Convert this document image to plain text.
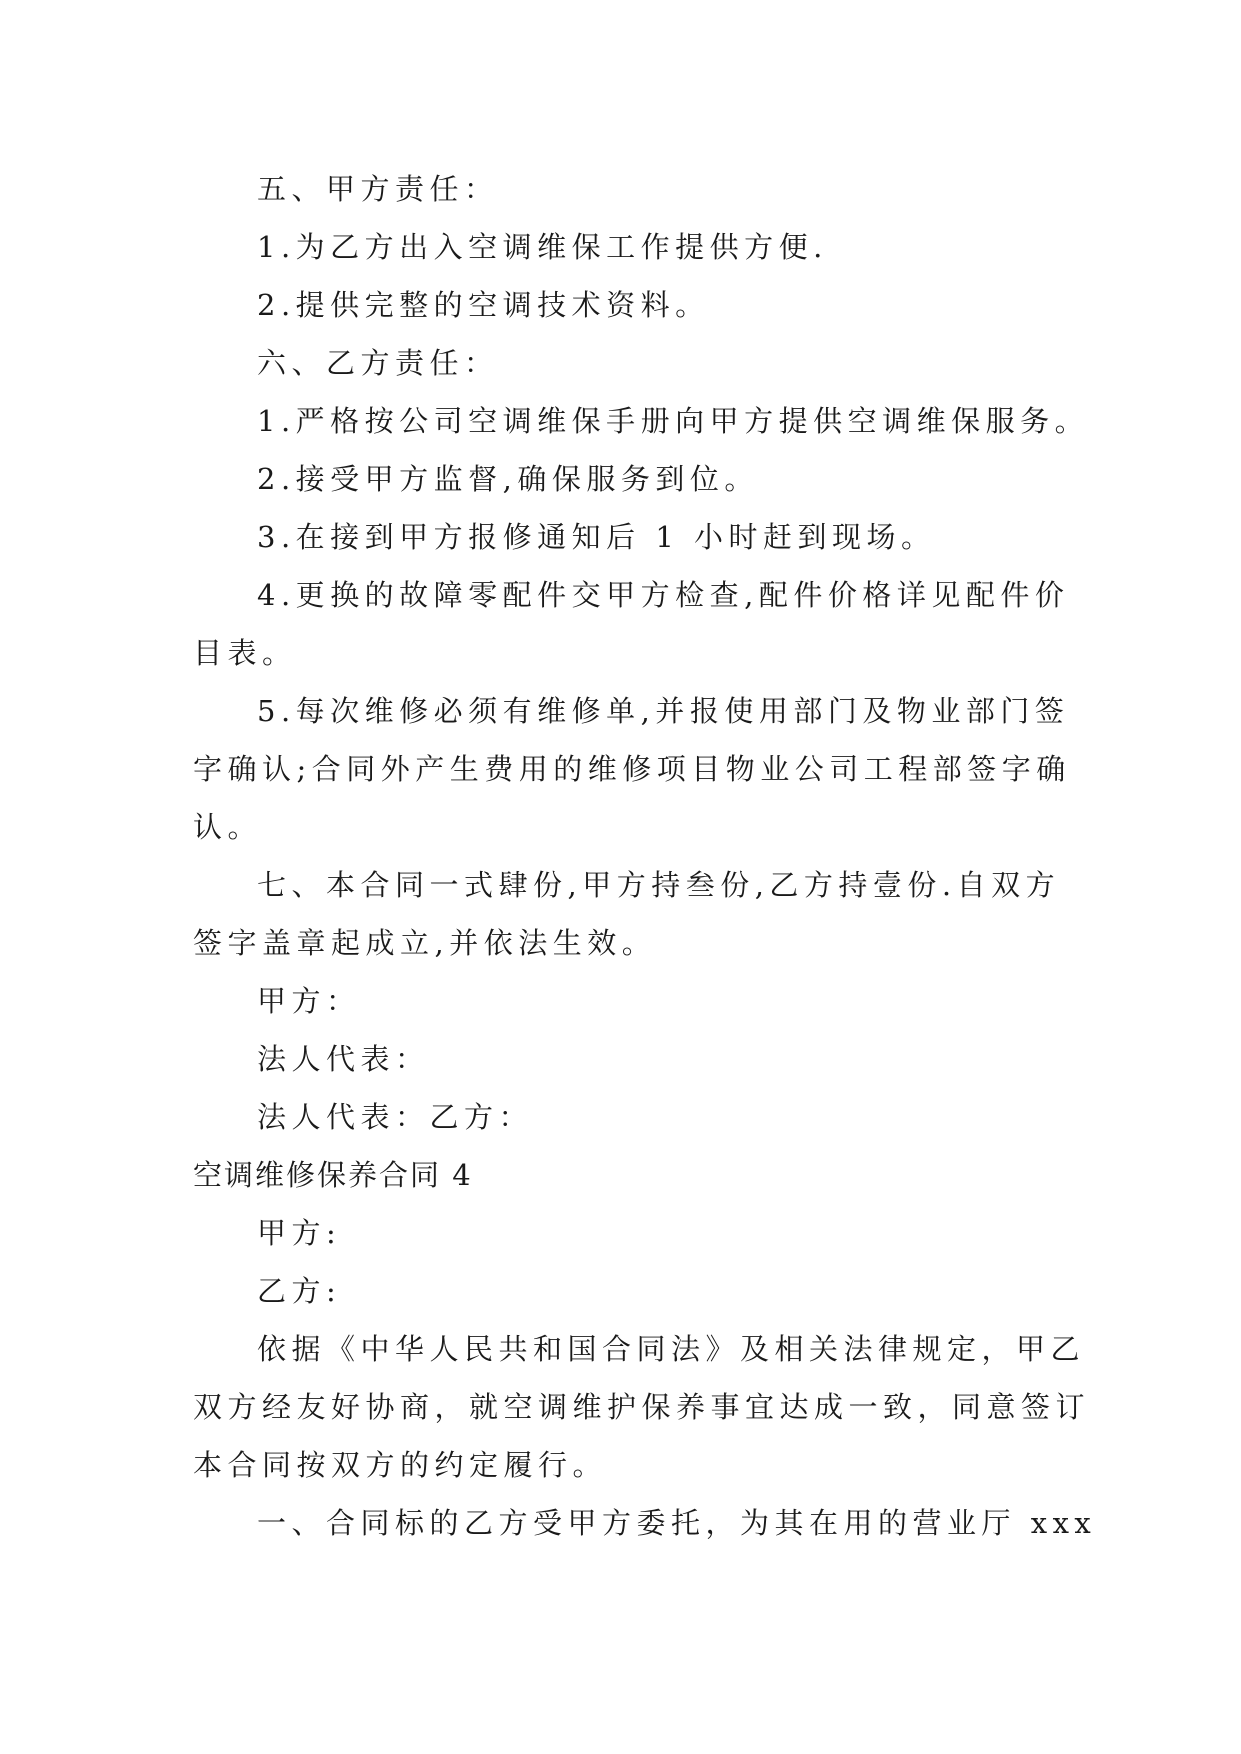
五、甲方责任：
1.为乙方出入空调维保工作提供方便.
2.提供完整的空调技术资料。
六、乙方责任：
1.严格按公司空调维保手册向甲方提供空调维保服务。
2.接受甲方监督,确保服务到位。
3.在接到甲方报修通知后 1 小时赶到现场。
4.更换的故障零配件交甲方检查,配件价格详见配件价
目表。
5.每次维修必须有维修单,并报使用部门及物业部门签
字确认;合同外产生费用的维修项目物业公司工程部签字确
认。
七、本合同一式肆份,甲方持叁份,乙方持壹份.自双方
签字盖章起成立,并依法生效。
甲方：
法人代表：
法人代表：乙方：
空调维修保养合同 4
甲方:
乙方:
依据《中华人民共和国合同法》及相关法律规定，甲乙
双方经友好协商，就空调维护保养事宜达成一致，同意签订
本合同按双方的约定履行。
一、合同标的乙方受甲方委托，为其在用的营业厅 xxx
